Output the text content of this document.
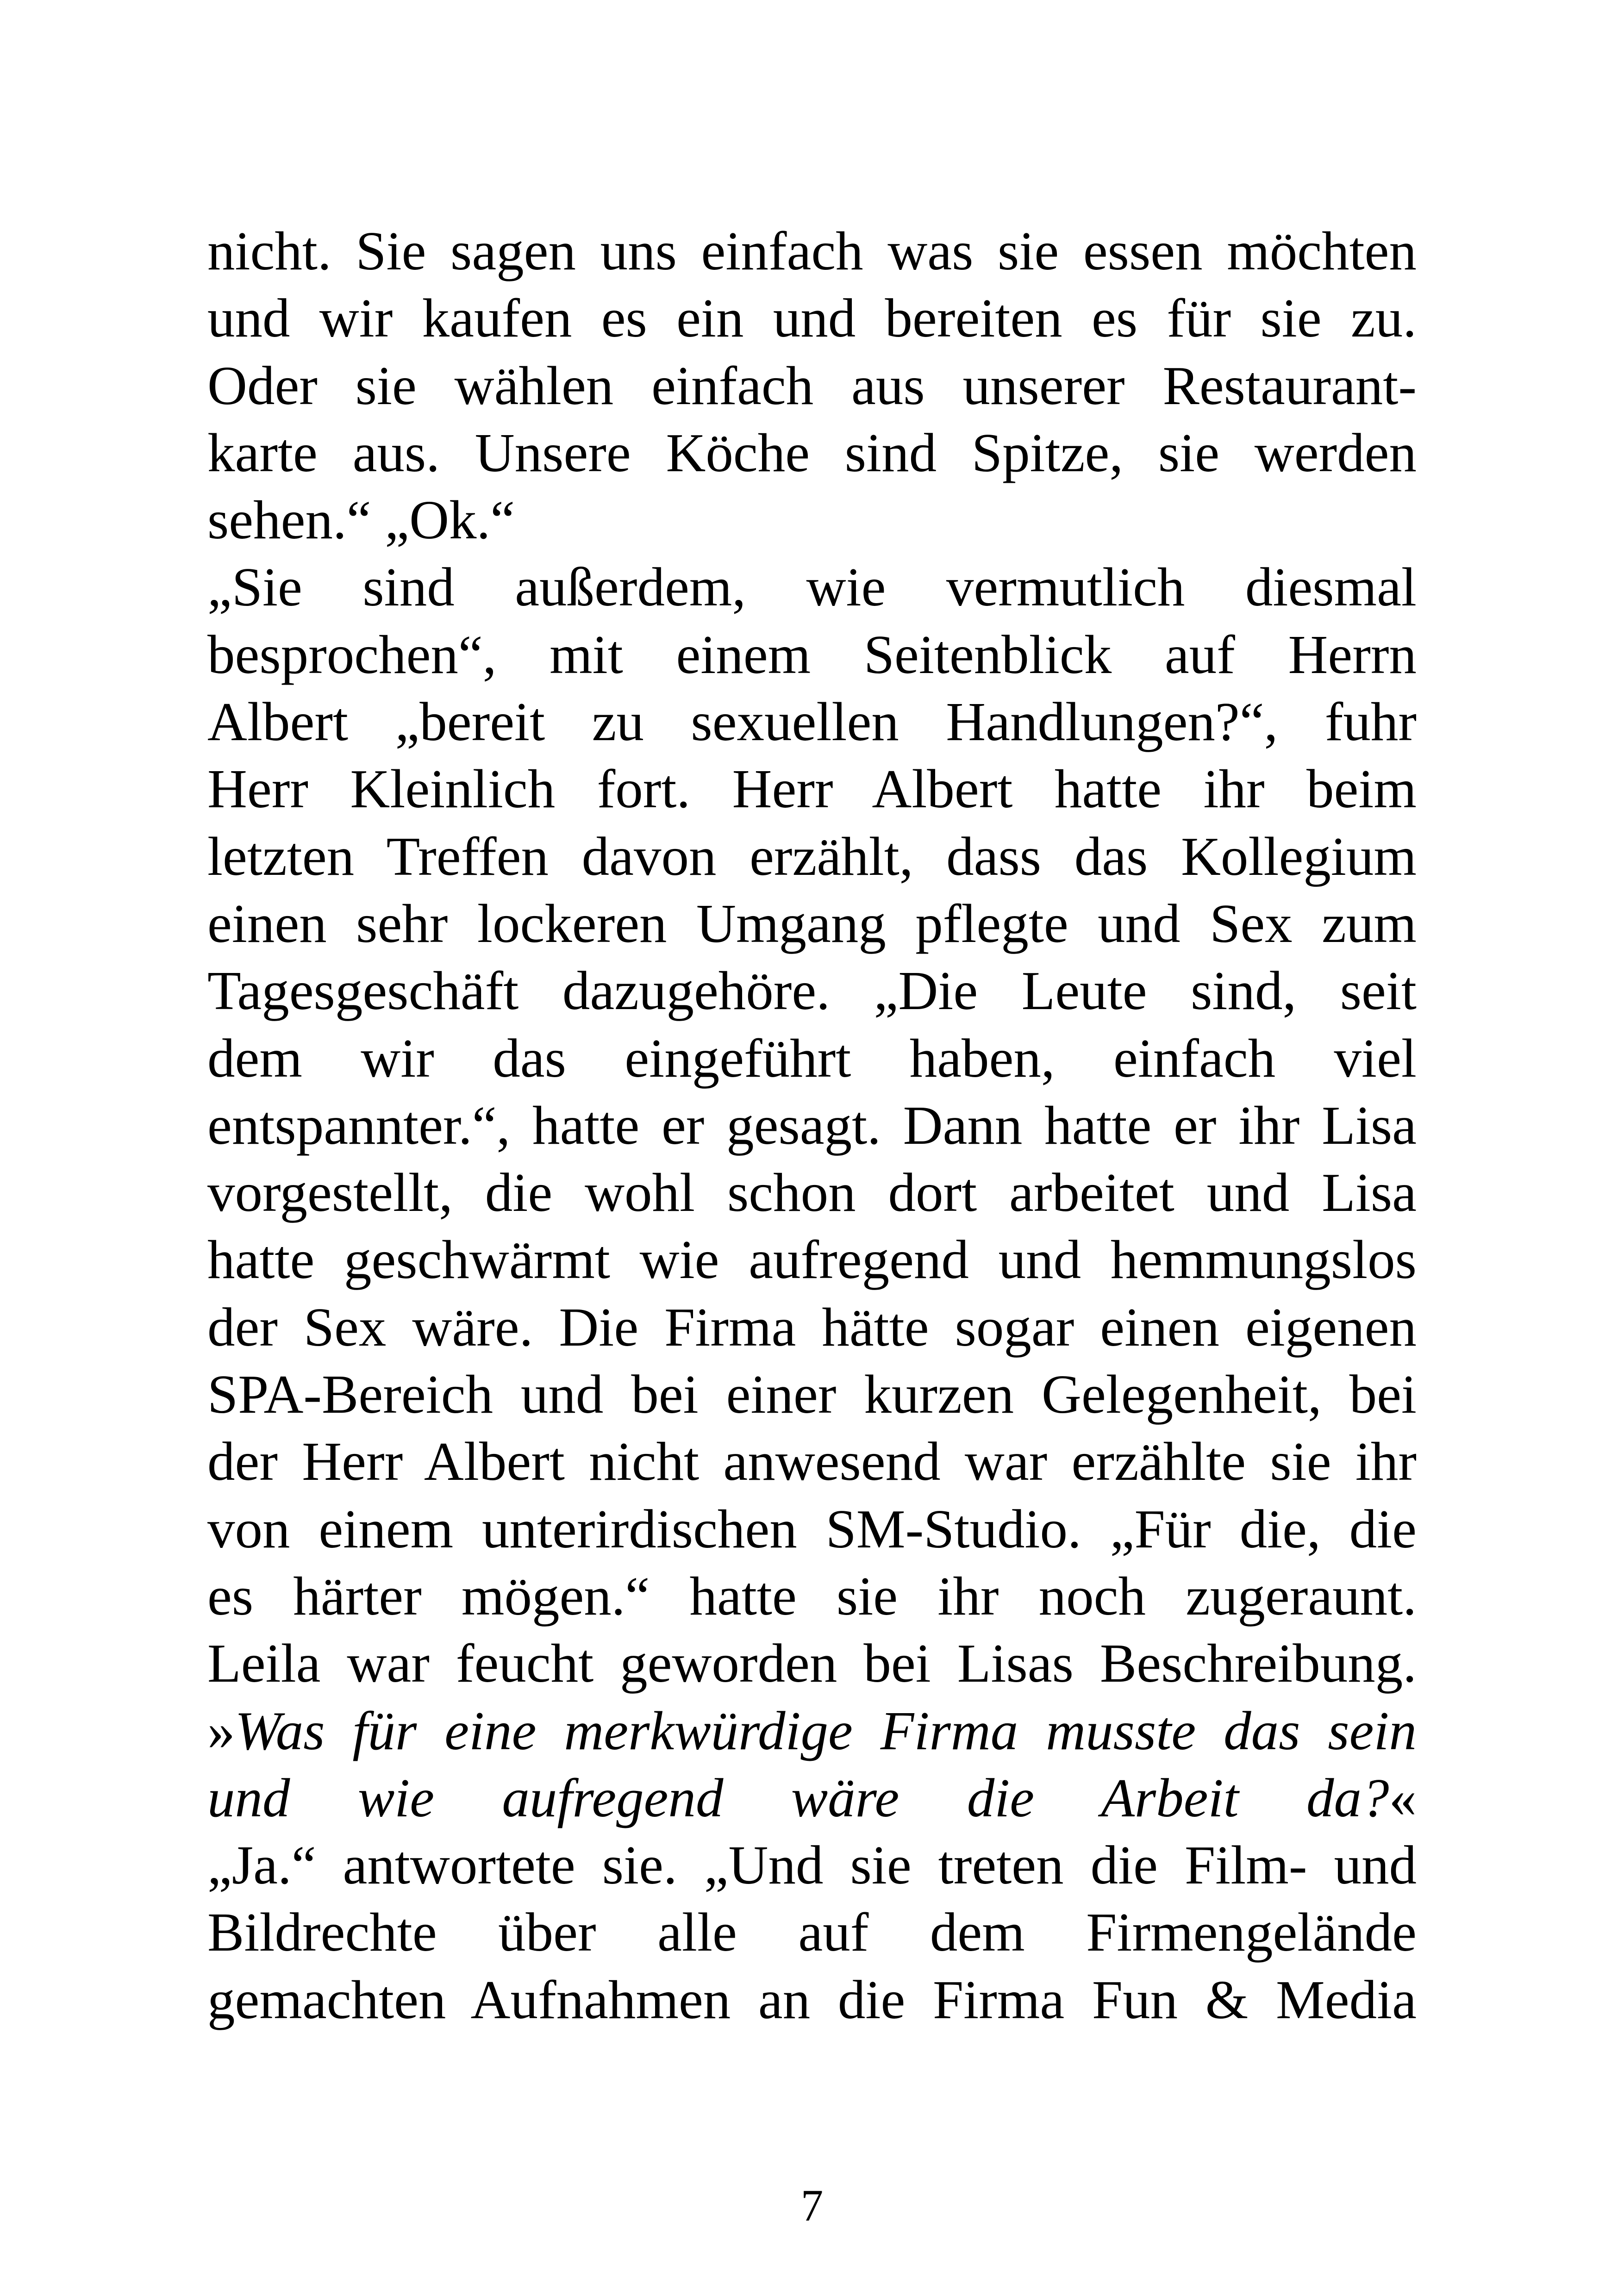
nicht. Sie sagen uns einfach was sie essen möchten
und wir kaufen es ein und bereiten es für sie zu.
Oder sie wählen einfach aus unserer Restaurant-
karte aus. Unsere Köche sind Spitze, sie werden
sehen.“ „Ok.“
„Sie sind außerdem, wie vermutlich diesmal
besprochen“, mit einem Seitenblick auf Herrn
Albert „bereit zu sexuellen Handlungen?“, fuhr
Herr Kleinlich fort. Herr Albert hatte ihr beim
letzten Treffen davon erzählt, dass das Kollegium
einen sehr lockeren Umgang pflegte und Sex zum
Tagesgeschäft dazugehöre. „Die Leute sind, seit
dem wir das eingeführt haben, einfach viel
entspannter.“, hatte er gesagt. Dann hatte er ihr Lisa
vorgestellt, die wohl schon dort arbeitet und Lisa
hatte geschwärmt wie aufregend und hemmungslos
der Sex wäre. Die Firma hätte sogar einen eigenen
SPA-Bereich und bei einer kurzen Gelegenheit, bei
der Herr Albert nicht anwesend war erzählte sie ihr
von einem unterirdischen SM-Studio. „Für die, die
es härter mögen.“ hatte sie ihr noch zugeraunt.
Leila war feucht geworden bei Lisas Beschreibung.
»Was für eine merkwürdige Firma musste das sein
und wie aufregend wäre die Arbeit da?«
„Ja.“ antwortete sie. „Und sie treten die Film- und
Bildrechte über alle auf dem Firmengelände
gemachten Aufnahmen an die Firma Fun & Media
7
